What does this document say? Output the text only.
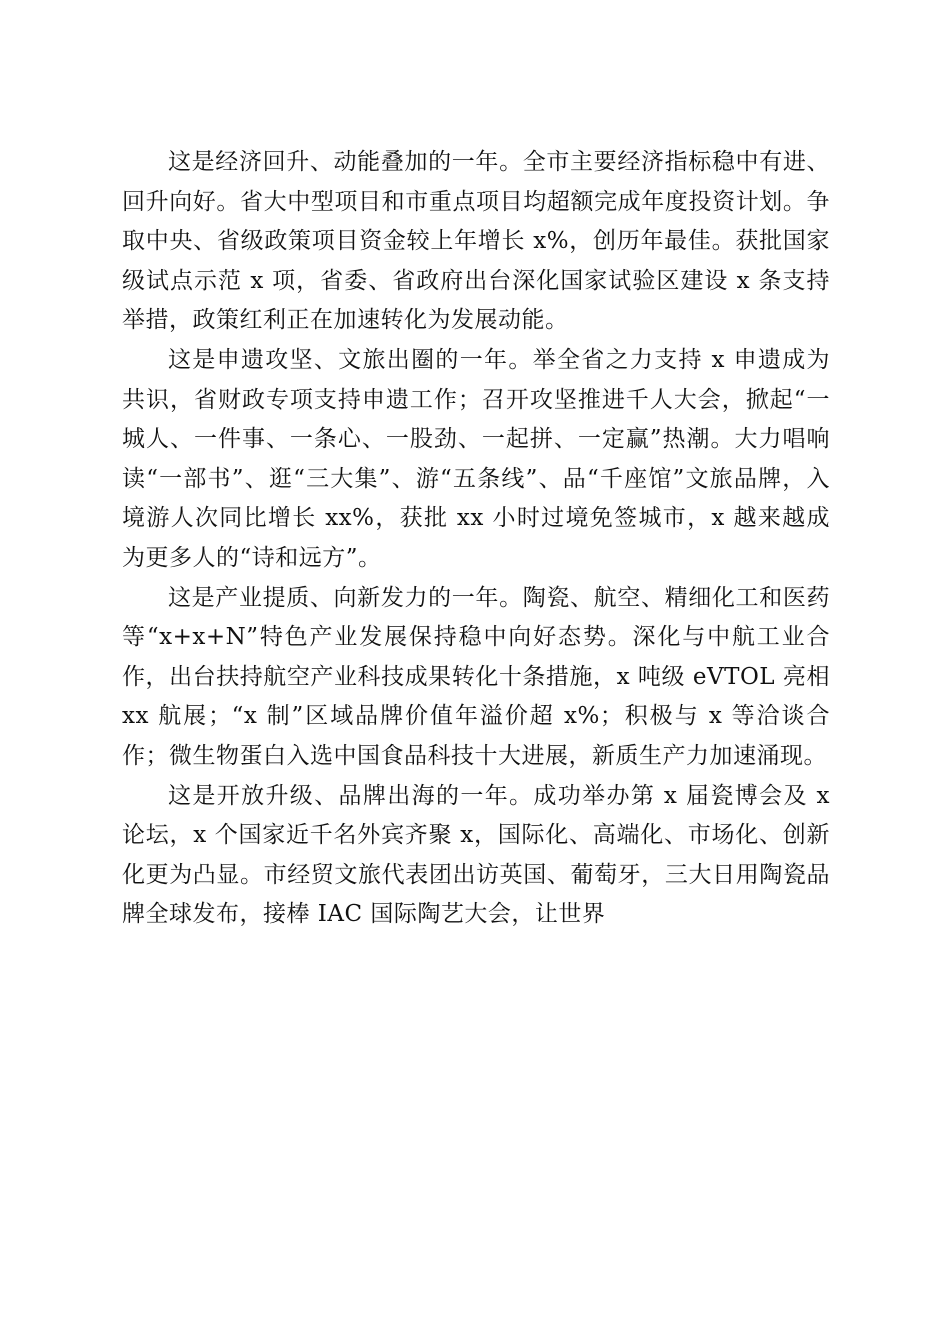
这是经济回升、动能叠加的一年。全市主要经济指标稳中有进、回升向好。省大中型项目和市重点项目均超额完成年度投资计划。争取中央、省级政策项目资金较上年增长 x%，创历年最佳。获批国家级试点示范 x 项，省委、省政府出台深化国家试验区建设 x 条支持举措，政策红利正在加速转化为发展动能。

这是申遗攻坚、文旅出圈的一年。举全省之力支持 x 申遗成为共识，省财政专项支持申遗工作；召开攻坚推进千人大会，掀起“一城人、一件事、一条心、一股劲、一起拼、一定赢”热潮。大力唱响读“一部书”、逛“三大集”、游“五条线”、品“千座馆”文旅品牌，入境游人次同比增长 xx%，获批 xx 小时过境免签城市，x 越来越成为更多人的“诗和远方”。

这是产业提质、向新发力的一年。陶瓷、航空、精细化工和医药等“x+x+N”特色产业发展保持稳中向好态势。深化与中航工业合作，出台扶持航空产业科技成果转化十条措施，x 吨级 eVTOL 亮相 xx 航展；“x 制”区域品牌价值年溢价超 x%；积极与 x 等洽谈合作；微生物蛋白入选中国食品科技十大进展，新质生产力加速涌现。

这是开放升级、品牌出海的一年。成功举办第 x 届瓷博会及 x 论坛，x 个国家近千名外宾齐聚 x，国际化、高端化、市场化、创新化更为凸显。市经贸文旅代表团出访英国、葡萄牙，三大日用陶瓷品牌全球发布，接棒 IAC 国际陶艺大会，让世界
